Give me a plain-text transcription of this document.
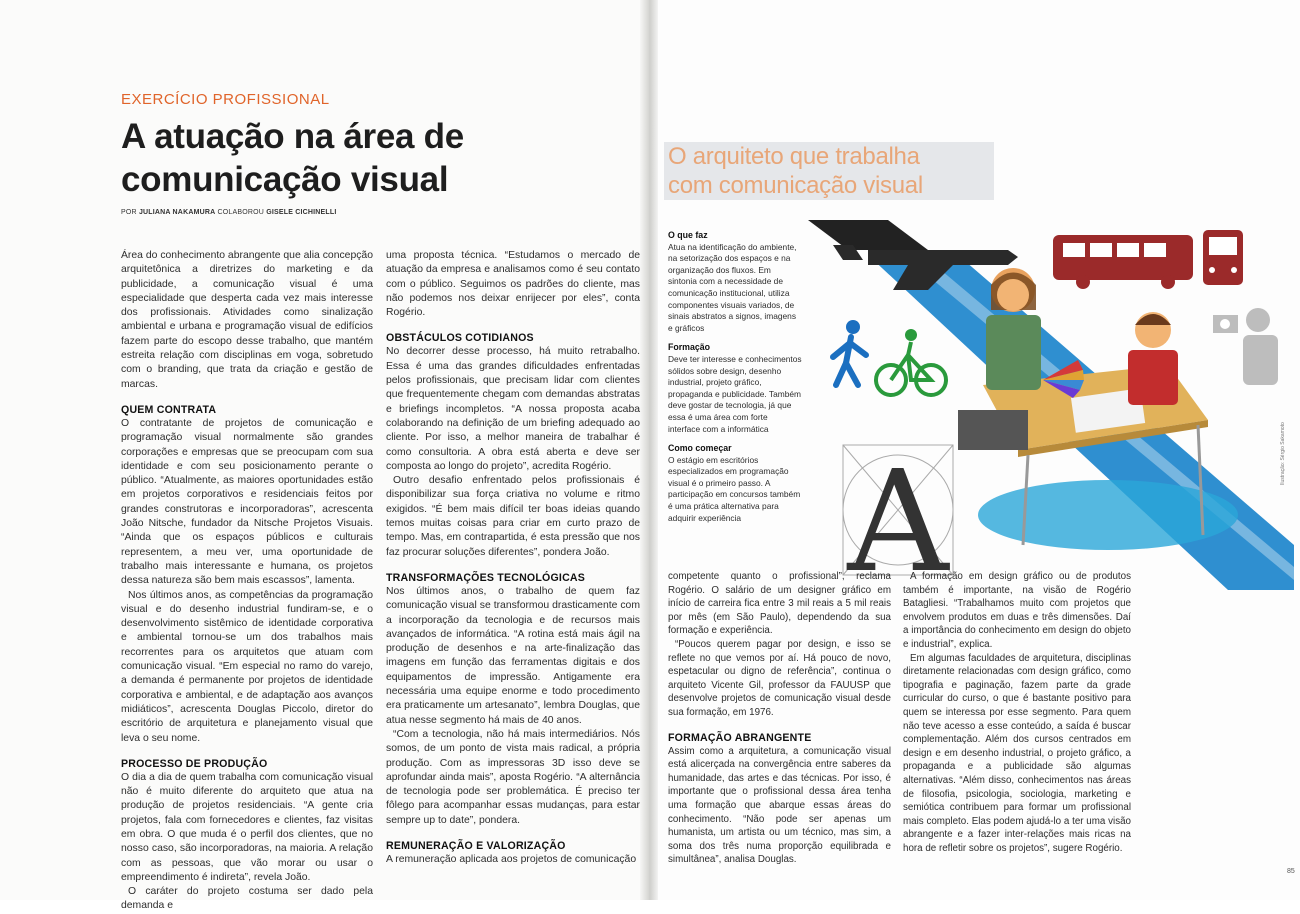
EXERCÍCIO PROFISSIONAL
A atuação na área de
comunicação visual
POR JULIANA NAKAMURA COLABOROU GISELE CICHINELLI

Área do conhecimento abrangente que alia concepção arquitetônica a diretrizes do marketing e da publicidade, a comunicação visual é uma especialidade que desperta cada vez mais interesse dos profissionais. Atividades como sinalização ambiental e urbana e programação visual de edifícios fazem parte do escopo desse trabalho, que mantém estreita relação com disciplinas em voga, sobretudo com o branding, que trata da criação e gestão de marcas.

QUEM CONTRATA

O contratante de projetos de comunicação e programação visual normalmente são grandes corporações e empresas que se preocupam com sua identidade e com seu posicionamento perante o público. “Atualmente, as maiores oportunidades estão em projetos corporativos e residenciais feitos por grandes construtoras e incorporadoras”, acrescenta João Nitsche, fundador da Nitsche Projetos Visuais. “Ainda que os espaços públicos e culturais representem, a meu ver, uma oportunidade de trabalho mais interessante e humana, os projetos dessa natureza são bem mais escassos”, lamenta.

Nos últimos anos, as competências da programação visual e do desenho industrial fundiram-se, e o desenvolvimento sistêmico de identidade corporativa e ambiental tornou-se um dos trabalhos mais recorrentes para os arquitetos que atuam com comunicação visual. “Em especial no ramo do varejo, a demanda é permanente por projetos de identidade corporativa e ambiental, e de adaptação aos avanços midiáticos”, acrescenta Douglas Piccolo, diretor do escritório de arquitetura e planejamento visual que leva o seu nome.

PROCESSO DE PRODUÇÃO

O dia a dia de quem trabalha com comunicação visual não é muito diferente do arquiteto que atua na produção de projetos residenciais. “A gente cria projetos, fala com fornecedores e clientes, faz visitas em obra. O que muda é o perfil dos clientes, que no nosso caso, são incorporadoras, na maioria. A relação com as pessoas, que vão morar ou usar o empreendimento é indireta”, revela João.

O caráter do projeto costuma ser dado pela demanda e

uma proposta técnica. “Estudamos o mercado de atuação da empresa e analisamos como é seu contato com o público. Seguimos os padrões do cliente, mas não podemos nos deixar enrijecer por eles”, conta Rogério.

OBSTÁCULOS COTIDIANOS

No decorrer desse processo, há muito retrabalho. Essa é uma das grandes dificuldades enfrentadas pelos profissionais, que precisam lidar com clientes que frequentemente chegam com demandas abstratas e briefings incompletos. “A nossa proposta acaba colaborando na definição de um briefing adequado ao cliente. Por isso, a melhor maneira de trabalhar é como consultoria. A obra está aberta e deve ser composta ao longo do projeto”, acredita Rogério.

Outro desafio enfrentado pelos profissionais é disponibilizar sua força criativa no volume e ritmo exigidos. “É bem mais difícil ter boas ideias quando temos muitas coisas para criar em curto prazo de tempo. Mas, em contrapartida, é esta pressão que nos faz procurar soluções diferentes”, pondera João.

TRANSFORMAÇÕES TECNOLÓGICAS

Nos últimos anos, o trabalho de quem faz comunicação visual se transformou drasticamente com a incorporação da tecnologia e de recursos mais avançados de informática. “A rotina está mais ágil na produção de desenhos e na arte-finalização das imagens em função das ferramentas digitais e dos equipamentos de impressão. Antigamente era necessária uma equipe enorme e todo procedimento era praticamente um artesanato”, lembra Douglas, que atua nesse segmento há mais de 40 anos.

“Com a tecnologia, não há mais intermediários. Nós somos, de um ponto de vista mais radical, a própria produção. Com as impressoras 3D isso deve se aprofundar ainda mais”, aposta Rogério. “A alternância de tecnologia pode ser problemática. É preciso ter fôlego para acompanhar essas mudanças, para estar sempre up to date”, pondera.

REMUNERAÇÃO E VALORIZAÇÃO

A remuneração aplicada aos projetos de comunicação

O arquiteto que trabalha
com comunicação visual
O que faz

Atua na identificação do ambiente, na setorização dos espaços e na organização dos fluxos. Em sintonia com a necessidade de comunicação institucional, utiliza componentes visuais variados, de sinais abstratos a signos, imagens e gráficos

Formação

Deve ter interesse e conhecimentos sólidos sobre design, desenho industrial, projeto gráfico, propaganda e publicidade. Também deve gostar de tecnologia, já que essa é uma área com forte interface com a informática

Como começar

O estágio em escritórios especializados em programação visual é o primeiro passo. A participação em concursos também é uma prática alternativa para adquirir experiência A	Ilustração: Sérgio Sakamoto

competente quanto o profissional”, reclama Rogério. O salário de um designer gráfico em início de carreira fica entre 3 mil reais a 5 mil reais por mês (em São Paulo), dependendo da sua formação e experiência.

“Poucos querem pagar por design, e isso se reflete no que vemos por aí. Há pouco de novo, espetacular ou digno de referência”, continua o arquiteto Vicente Gil, professor da FAUUSP que desenvolve projetos de comunicação visual desde sua formação, em 1976.

FORMAÇÃO ABRANGENTE

Assim como a arquitetura, a comunicação visual está alicerçada na convergência entre saberes da humanidade, das artes e das técnicas. Por isso, é importante que o profissional dessa área tenha uma formação que abarque essas áreas do conhecimento. “Não pode ser apenas um humanista, um artista ou um técnico, mas sim, a soma dos três numa proporção equilibrada e simultânea”, analisa Douglas.

A formação em design gráfico ou de produtos também é importante, na visão de Rogério Batagliesi. “Trabalhamos muito com projetos que envolvem produtos em duas e três dimensões. Daí a importância do conhecimento em design do objeto e industrial”, explica.

Em algumas faculdades de arquitetura, disciplinas diretamente relacionadas com design gráfico, como tipografia e paginação, fazem parte da grade curricular do curso, o que é bastante positivo para quem se interessa por esse segmento. Para quem não teve acesso a esse conteúdo, a saída é buscar complementação. Além dos cursos centrados em design e em desenho industrial, o projeto gráfico, a propaganda e a publicidade são algumas alternativas. “Além disso, conhecimentos nas áreas de filosofia, psicologia, sociologia, marketing e semiótica contribuem para formar um profissional mais completo. Elas podem ajudá-lo a ter uma visão abrangente e a fazer inter-relações mais ricas na hora de refletir sobre os projetos”, sugere Rogério.

85
